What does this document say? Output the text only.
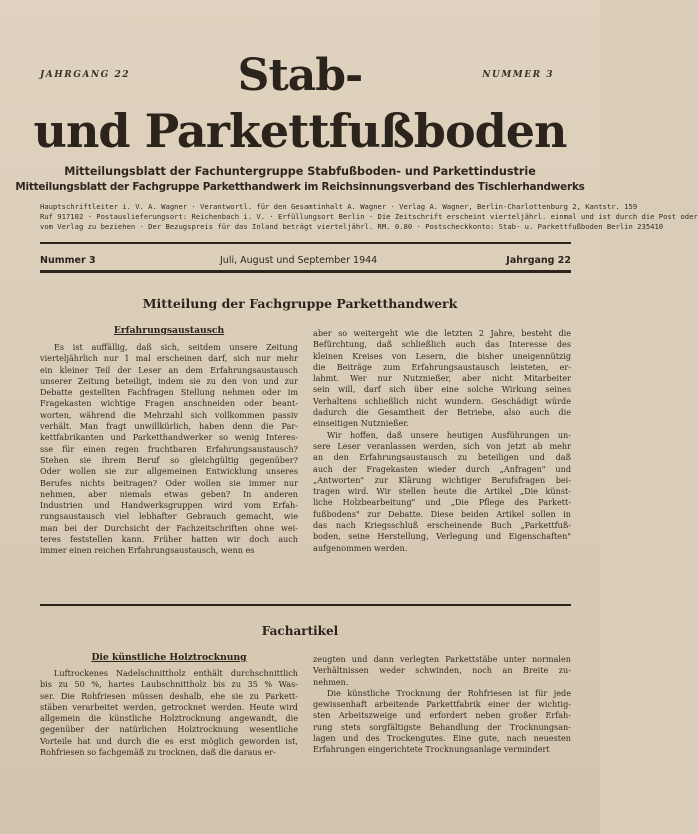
JAHRGANG 22	NUMMER 3
Stab-
und Parkettfußboden
Mitteilungsblatt der Fachuntergruppe Stabfußboden- und Parkettindustrie
Mitteilungsblatt der Fachgruppe Parketthandwerk im Reichsinnungsverband des Tischlerhandwerks
Hauptschriftleiter i. V. A. Wagner · Verantwortl. für den Gesamtinhalt A. Wagner · Verlag A. Wagner, Berlin-Charlottenburg 2, Kantstr. 159
Ruf 917102 · Postauslieferungsort: Reichenbach i. V. · Erfüllungsort Berlin · Die Zeitschrift erscheint vierteljährl. einmal und ist durch die Post oder
vom Verlag zu beziehen · Der Bezugspreis für das Inland beträgt vierteljährl. RM. 0.80 · Postscheckkonto: Stab- u. Parkettfußboden Berlin 235410
Nummer 3	Juli, August und September 1944	Jahrgang 22
Mitteilung der Fachgruppe Parketthandwerk
Erfahrungsaustausch
Es ist auffällig, daß sich, seitdem unsere Zeitung
vierteljährlich nur 1 mal erscheinen darf, sich nur mehr
ein kleiner Teil der Leser an dem Erfahrungsaustausch
unserer Zeitung beteiligt, indem sie zu den von und zur
Debatte gestellten Fachfragen Stellung nehmen oder im
Fragekasten wichtige Fragen anschneiden oder beant-
worten, während die Mehrzahl sich vollkommen passiv
verhält. Man fragt unwillkürlich, haben denn die Par-
kettfabrikanten und Parketthandwerker so wenig Interes-
sse für einen regen fruchtbaren Erfahrungsaustausch?
Stehen sie ihrem Beruf so gleichgültig gegenüber?
Oder wollen sie zur allgemeinen Entwicklung unseres
Berufes nichts beitragen? Oder wollen sie immer nur
nehmen, aber niemals etwas geben? In anderen
Industrien und Handwerksgruppen wird vom Erfah-
rungsaustausch viel lebhafter Gebrauch gemacht, wie
man bei der Durchsicht der Fachzeitschriften ohne wei-
teres feststellen kann. Früher hatten wir doch auch
immer einen reichen Erfahrungsaustausch, wenn es
aber so weitergeht wie die letzten 2 Jahre, besteht die
Befürchtung, daß schließlich auch das Interesse des
kleinen Kreises von Lesern, die bisher uneigennützig
die Beiträge zum Erfahrungsaustausch leisteten, er-
lahmt. Wer nur Nutznießer, aber nicht Mitarbeiter
sein will, darf sich über eine solche Wirkung seines
Verhaltens schließlich nicht wundern. Geschädigt würde
dadurch die Gesamtheit der Betriebe, also auch die
einseitigen Nutznießer.
Wir hoffen, daß unsere heutigen Ausführungen un-
sere Leser veranlassen werden, sich von jetzt ab mehr
an den Erfahrungsaustausch zu beteiligen und daß
auch der Fragekasten wieder durch „Anfragen" und
„Antworten" zur Klärung wichtiger Berufsfragen bei-
tragen wird. Wir stellen heute die Artikel „Die künst-
liche Holzbearbeitung" und „Die Pflege des Parkett-
fußbodens" zur Debatte. Diese beiden Artikel sollen in
das nach Kriegsschluß erscheinende Buch „Parkettfuß-
boden, seine Herstellung, Verlegung und Eigenschaften"
aufgenommen werden.
Fachartikel
Die künstliche Holztrocknung
Luftrockenes Nadelschnittholz enthält durchschnittlich
bis zu 50 %, hartes Laubschnittholz bis zu 35 % Was-
ser. Die Rohfriesen müssen deshalb, ehe sie zu Parkett-
stäben verarbeitet werden, getrocknet werden. Heute wird
allgemein die künstliche Holztrocknung angewandt, die
gegenüber der natürlichen Holztrocknung wesentliche
Vorteile hat und durch die es erst möglich geworden ist,
Rohfriesen so fachgemäß zu trocknen, daß die daraus er-
zeugten und dann verlegten Parkettstäbe unter normalen
Verhältnissen weder schwinden, noch an Breite zu-
nehmen.
Die künstliche Trocknung der Rohfriesen ist für jede
gewissenhaft arbeitende Parkettfabrik einer der wichtig-
sten Arbeitszweige und erfordert neben großer Erfah-
rung stets sorgfältigste Behandlung der Trocknungsan-
lagen und des Trockengutes. Eine gute, nach neuesten
Erfahrungen eingerichtete Trocknungsanlage vermindert
